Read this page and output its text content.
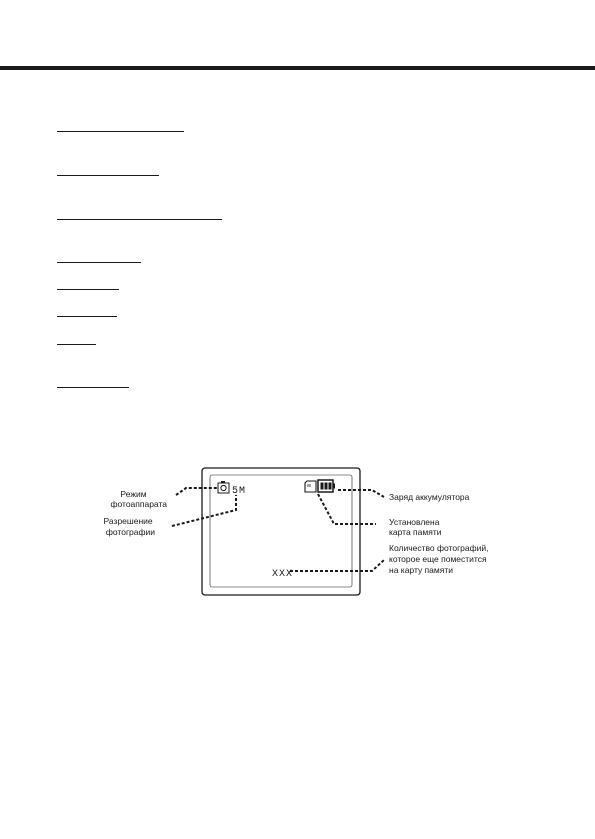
5M
XXX
Режим фотоаппарата
Разрешение фотографии
Заряд аккумулятора
Установлена карта памяти
Количество фотографий, которое еще поместится на карту памяти
